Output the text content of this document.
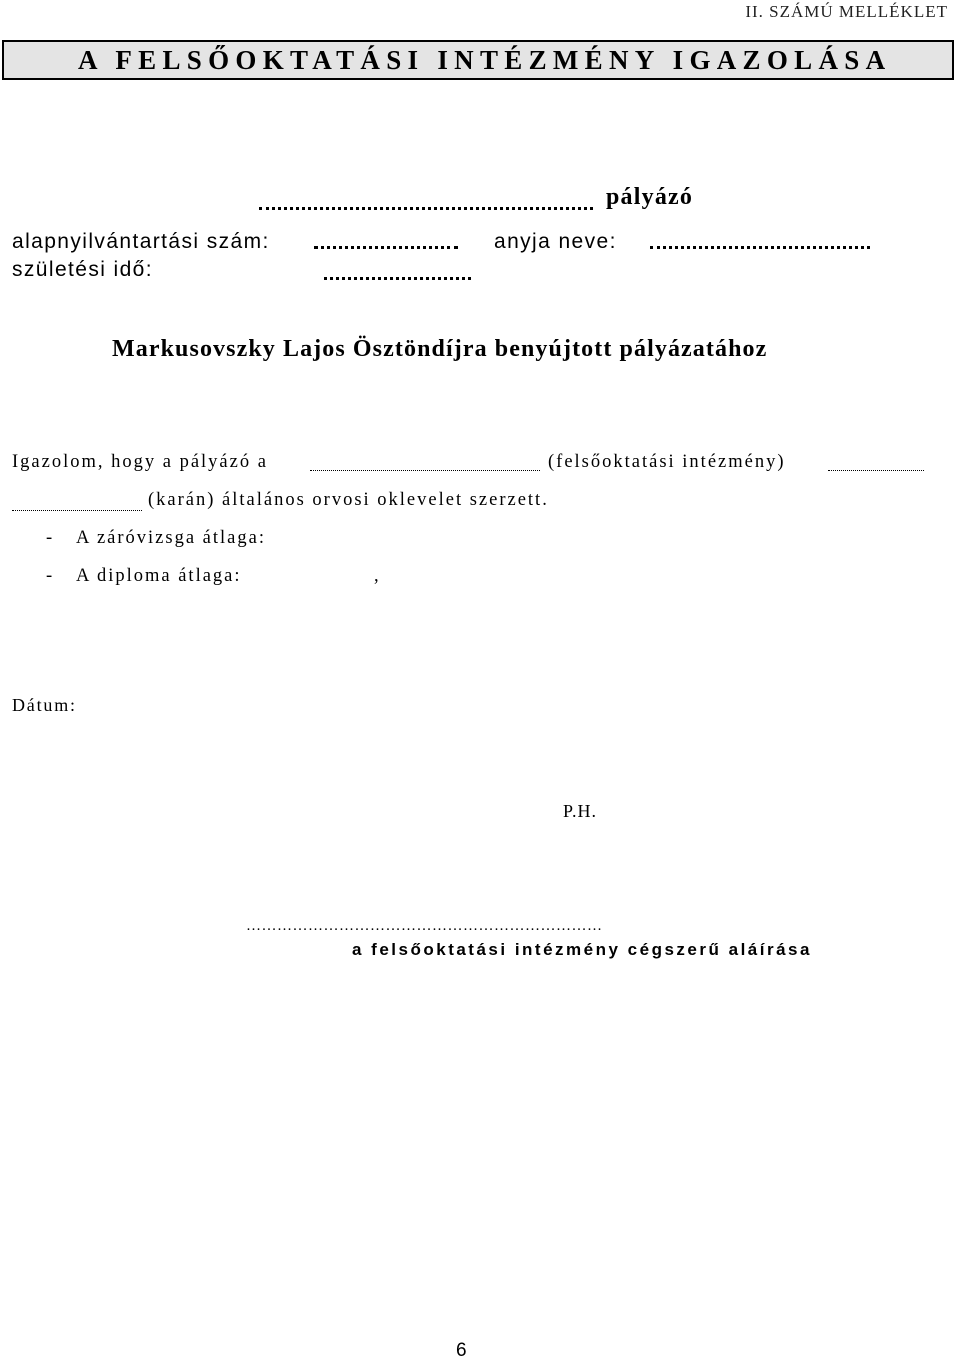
II. SZÁMÚ MELLÉKLET
A FELSŐOKTATÁSI INTÉZMÉNY IGAZOLÁSA
pályázó
alapnyilvántartási szám:	anyja neve:
születési idő:
Markusovszky Lajos Ösztöndíjra benyújtott pályázatához
Igazolom, hogy a pályázó a	(felsőoktatási intézmény)
(karán) általános orvosi oklevelet szerzett.
- A záróvizsga átlaga:
- A diploma átlaga:	,
Dátum:
P.H.
……………………………………………………………
a felsőoktatási intézmény cégszerű aláírása
6
